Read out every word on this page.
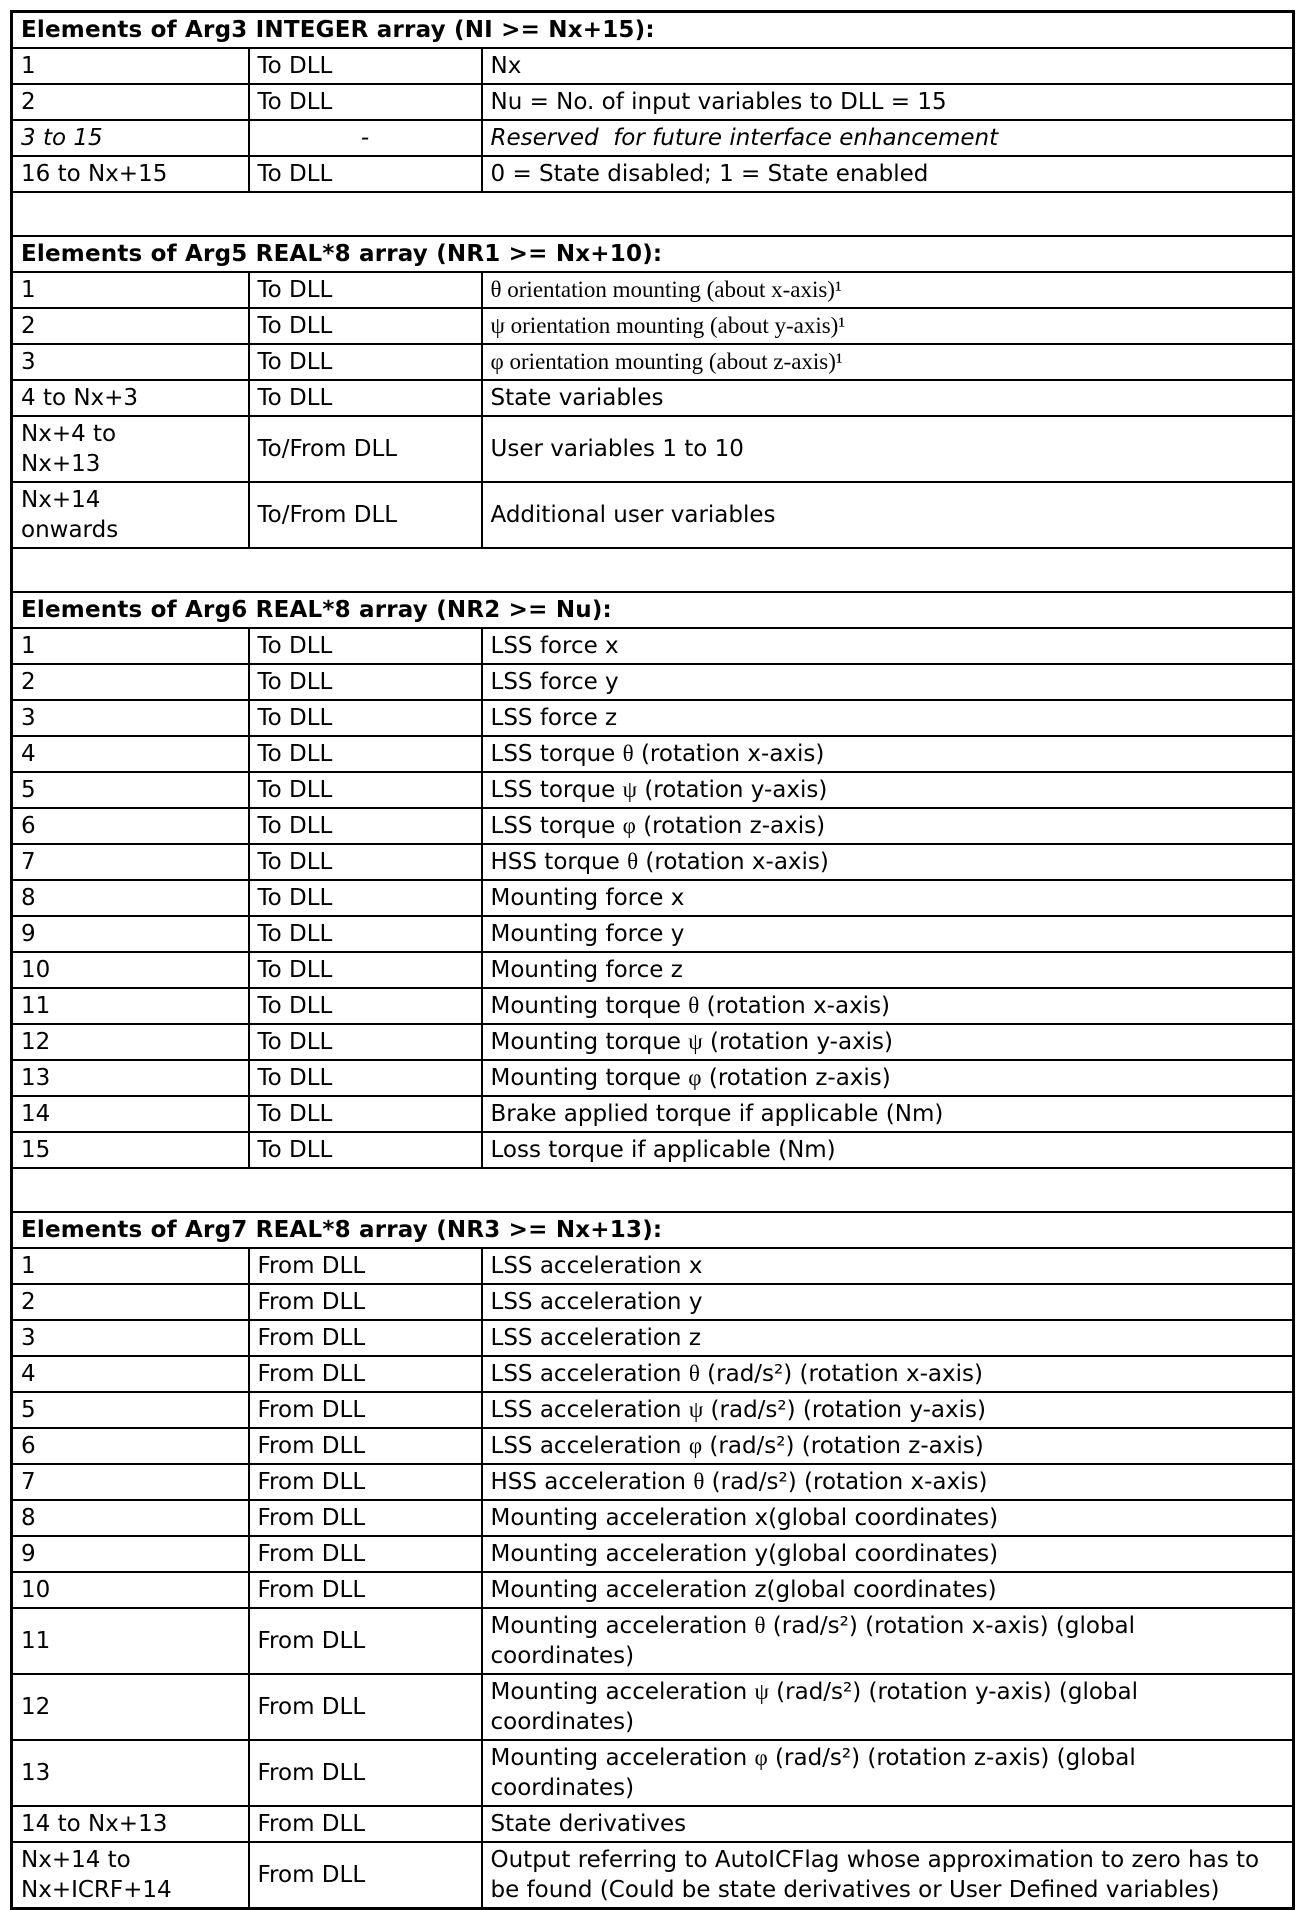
Elements of Arg3 INTEGER array (NI >= Nx+15):		
1	To DLL	Nx
2	To DLL	Nu = No. of input variables to DLL = 15
3 to 15	-	Reserved  for future interface enhancement
16 to Nx+15	To DLL	0 = State disabled; 1 = State enabled

Elements of Arg5 REAL*8 array (NR1 >= Nx+10):		
1	To DLL	θ orientation mounting (about x-axis)¹
2	To DLL	ψ orientation mounting (about y-axis)¹
3	To DLL	φ orientation mounting (about z-axis)¹
4 to Nx+3	To DLL	State variables
Nx+4 to
Nx+13	To/From DLL	User variables 1 to 10
Nx+14
onwards	To/From DLL	Additional user variables

Elements of Arg6 REAL*8 array (NR2 >= Nu):		
1	To DLL	LSS force x
2	To DLL	LSS force y
3	To DLL	LSS force z
4	To DLL	LSS torque θ (rotation x-axis)
5	To DLL	LSS torque ψ (rotation y-axis)
6	To DLL	LSS torque φ (rotation z-axis)
7	To DLL	HSS torque θ (rotation x-axis)
8	To DLL	Mounting force x
9	To DLL	Mounting force y
10	To DLL	Mounting force z
11	To DLL	Mounting torque θ (rotation x-axis)
12	To DLL	Mounting torque ψ (rotation y-axis)
13	To DLL	Mounting torque φ (rotation z-axis)
14	To DLL	Brake applied torque if applicable (Nm)
15	To DLL	Loss torque if applicable (Nm)

Elements of Arg7 REAL*8 array (NR3 >= Nx+13):		
1	From DLL	LSS acceleration x
2	From DLL	LSS acceleration y
3	From DLL	LSS acceleration z
4	From DLL	LSS acceleration θ (rad/s²) (rotation x-axis)
5	From DLL	LSS acceleration ψ (rad/s²) (rotation y-axis)
6	From DLL	LSS acceleration φ (rad/s²) (rotation z-axis)
7	From DLL	HSS acceleration θ (rad/s²) (rotation x-axis)
8	From DLL	Mounting acceleration x(global coordinates)
9	From DLL	Mounting acceleration y(global coordinates)
10	From DLL	Mounting acceleration z(global coordinates)
11	From DLL	Mounting acceleration θ (rad/s²) (rotation x-axis) (global coordinates)
12	From DLL	Mounting acceleration ψ (rad/s²) (rotation y-axis) (global coordinates)
13	From DLL	Mounting acceleration φ (rad/s²) (rotation z-axis) (global coordinates)
14 to Nx+13	From DLL	State derivatives
Nx+14 to
Nx+ICRF+14	From DLL	Output referring to AutoICFlag whose approximation to zero has to be found (Could be state derivatives or User Defined variables)
